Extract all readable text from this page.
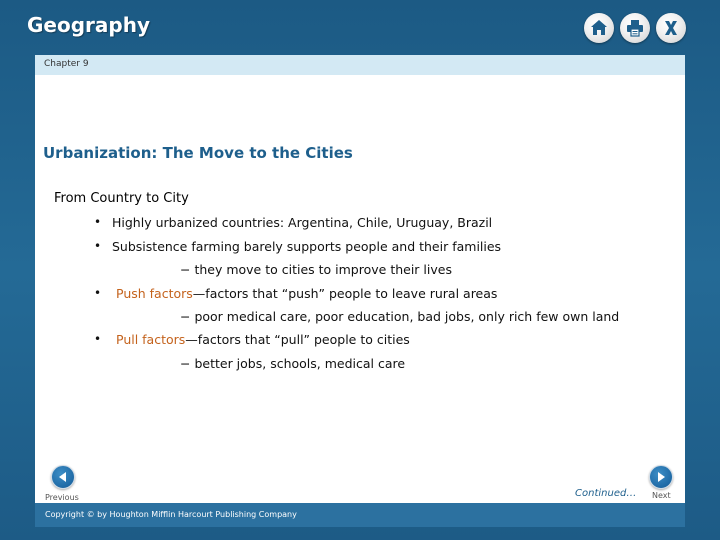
Geography
Chapter 9
Urbanization: The Move to the Cities
From Country to City
• Highly urbanized countries: Argentina, Chile, Uruguay, Brazil
• Subsistence farming barely supports people and their families
− they move to cities to improve their lives
• Push factors—factors that “push” people to leave rural areas
− poor medical care, poor education, bad jobs, only rich few own land
• Pull factors—factors that “pull” people to cities
− better jobs, schools, medical care
Previous	Continued… Next
Copyright © by Houghton Mifflin Harcourt Publishing Company
